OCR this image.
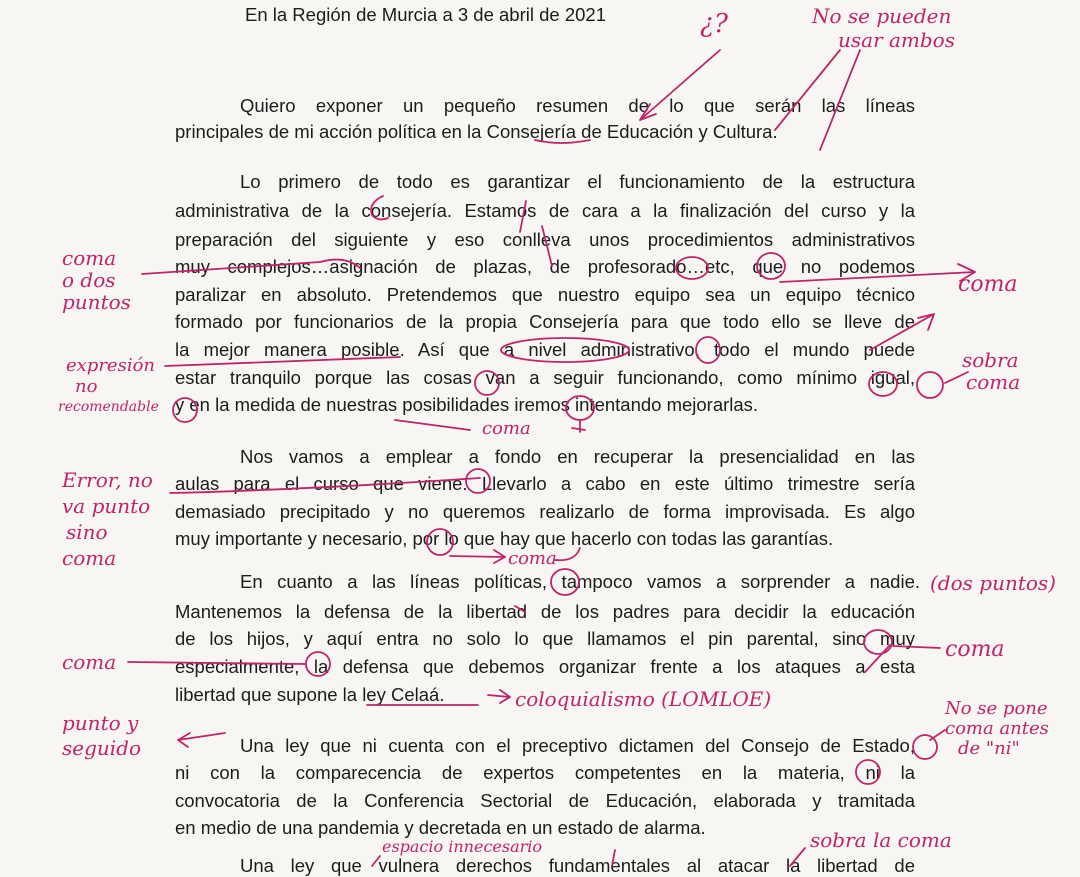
En la Región de Murcia a 3 de abril de 2021
Quiero exponer un pequeño resumen de lo que serán las líneas
principales de mi acción política en la Consejería de Educación y Cultura.
Lo primero de todo es garantizar el funcionamiento de la estructura
administrativa de la consejería. Estamos de cara a la finalización del curso y la
preparación del siguiente y eso conlleva unos procedimientos administrativos
muy complejos…asignación de plazas, de profesorado…etc, que no podemos
paralizar en absoluto. Pretendemos que nuestro equipo sea un equipo técnico
formado por funcionarios de la propia Consejería para que todo ello se lleve de
la mejor manera posible. Así que a nivel administrativo, todo el mundo puede
estar tranquilo porque las cosas van a seguir funcionando, como mínimo igual,
y en la medida de nuestras posibilidades iremos intentando mejorarlas.
Nos vamos a emplear a fondo en recuperar la presencialidad en las
aulas para el curso que viene. Llevarlo a cabo en este último trimestre sería
demasiado precipitado y no queremos realizarlo de forma improvisada. Es algo
muy importante y necesario, por lo que hay que hacerlo con todas las garantías.
En cuanto a las líneas políticas, tampoco vamos a sorprender a nadie.
Mantenemos la defensa de la libertad de los padres para decidir la educación
de los hijos, y aquí entra no solo lo que llamamos el pin parental, sino muy
especialmente, la defensa que debemos organizar frente a los ataques a esta
libertad que supone la ley Celaá.
Una ley que ni cuenta con el preceptivo dictamen del Consejo de Estado,
ni con la comparecencia de expertos competentes en la materia, ni la
convocatoria de la Conferencia Sectorial de Educación, elaborada y tramitada
en medio de una pandemia y decretada en un estado de alarma.
Una ley que vulnera derechos fundamentales al atacar la libertad de
¿?	No se pueden
usar ambos
coma
o dos
puntos
coma
expresión
no
recomendable
sobra
coma
coma
Error, no
va punto
sino
coma	coma
(dos puntos)
coma
coma
coloquialismo (LOMLOE)
punto y
seguido
No se pone
coma antes
de "ni"
espacio innecesario	sobra la coma
